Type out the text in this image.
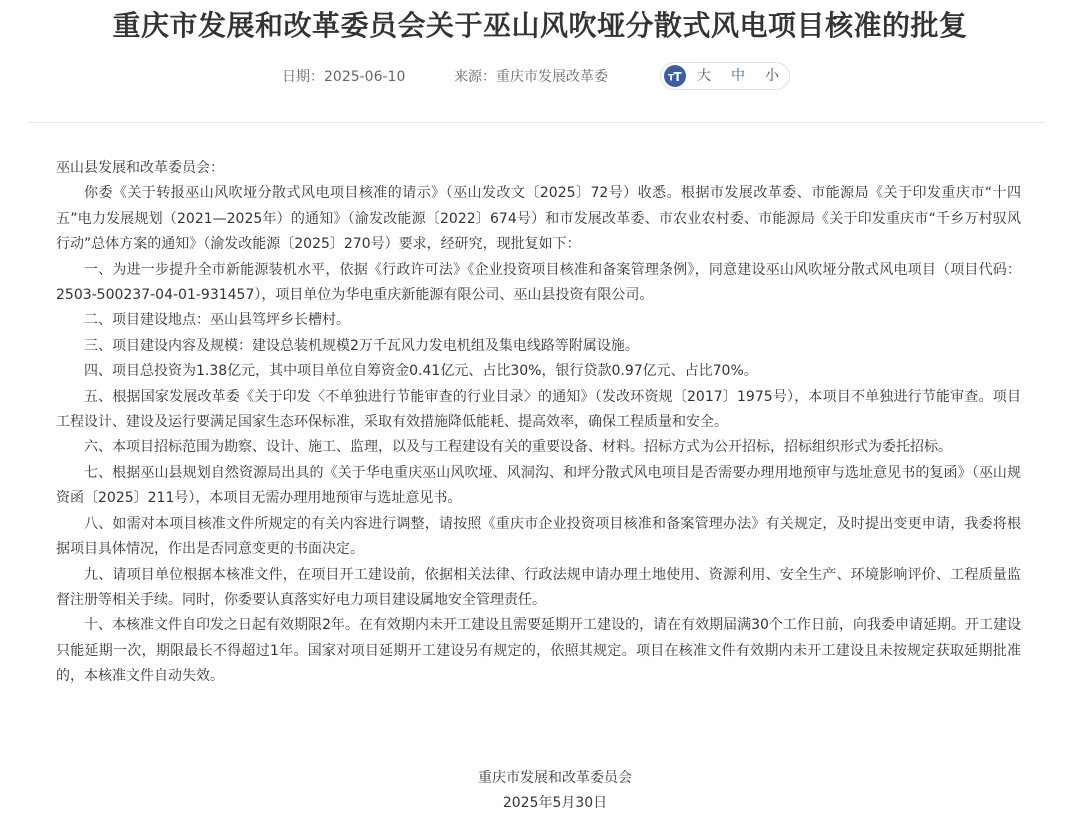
重庆市发展和改革委员会关于巫山风吹垭分散式风电项目核准的批复
日期：2025-06-10	来源：重庆市发展改革委	T T 大 中 小

巫山县发展和改革委员会：

你委《关于转报巫山风吹垭分散式风电项目核准的请示》（巫山发改文〔2025〕72号）收悉。根据市发展改革委、市能源局《关于印发重庆市“十四五”电力发展规划（2021—2025年）的通知》（渝发改能源〔2022〕674号）和市发展改革委、市农业农村委、市能源局《关于印发重庆市“千乡万村驭风行动”总体方案的通知》（渝发改能源〔2025〕270号）要求，经研究，现批复如下：

一、为进一步提升全市新能源装机水平，依据《行政许可法》《企业投资项目核准和备案管理条例》，同意建设巫山风吹垭分散式风电项目（项目代码：2503-500237-04-01-931457），项目单位为华电重庆新能源有限公司、巫山县投资有限公司。

二、项目建设地点：巫山县笃坪乡长槽村。

三、项目建设内容及规模：建设总装机规模2万千瓦风力发电机组及集电线路等附属设施。

四、项目总投资为1.38亿元，其中项目单位自筹资金0.41亿元、占比30%，银行贷款0.97亿元、占比70%。

五、根据国家发展改革委《关于印发〈不单独进行节能审查的行业目录〉的通知》（发改环资规〔2017〕1975号），本项目不单独进行节能审查。项目工程设计、建设及运行要满足国家生态环保标准，采取有效措施降低能耗、提高效率，确保工程质量和安全。

六、本项目招标范围为勘察、设计、施工、监理，以及与工程建设有关的重要设备、材料。招标方式为公开招标，招标组织形式为委托招标。

七、根据巫山县规划自然资源局出具的《关于华电重庆巫山风吹垭、风洞沟、和坪分散式风电项目是否需要办理用地预审与选址意见书的复函》（巫山规资函〔2025〕211号），本项目无需办理用地预审与选址意见书。

八、如需对本项目核准文件所规定的有关内容进行调整，请按照《重庆市企业投资项目核准和备案管理办法》有关规定，及时提出变更申请，我委将根据项目具体情况，作出是否同意变更的书面决定。

九、请项目单位根据本核准文件，在项目开工建设前，依据相关法律、行政法规申请办理土地使用、资源利用、安全生产、环境影响评价、工程质量监督注册等相关手续。同时，你委要认真落实好电力项目建设属地安全管理责任。

十、本核准文件自印发之日起有效期限2年。在有效期内未开工建设且需要延期开工建设的，请在有效期届满30个工作日前，向我委申请延期。开工建设只能延期一次，期限最长不得超过1年。国家对项目延期开工建设另有规定的，依照其规定。项目在核准文件有效期内未开工建设且未按规定获取延期批准的，本核准文件自动失效。

重庆市发展和改革委员会
2025年5月30日
